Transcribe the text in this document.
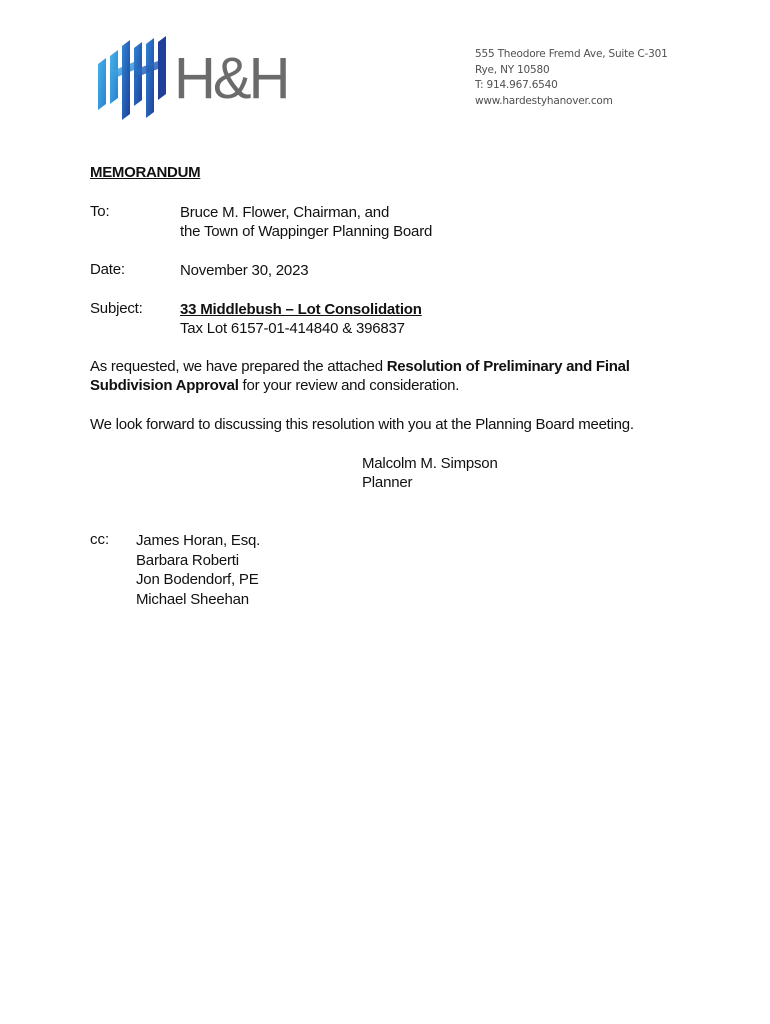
H&H	555 Theodore Fremd Ave, Suite C-301
Rye, NY 10580
T: 914.967.6540
www.hardestyhanover.com
MEMORANDUM
To:	Bruce M. Flower, Chairman, and
the Town of Wappinger Planning Board
Date:	November 30, 2023
Subject: 33 Middlebush – Lot Consolidation
Tax Lot 6157-01-414840 & 396837
As requested, we have prepared the attached Resolution of Preliminary and Final Subdivision Approval for your review and consideration.
We look forward to discussing this resolution with you at the Planning Board meeting.
Malcolm M. Simpson
Planner
cc: James Horan, Esq.
Barbara Roberti
Jon Bodendorf, PE
Michael Sheehan
